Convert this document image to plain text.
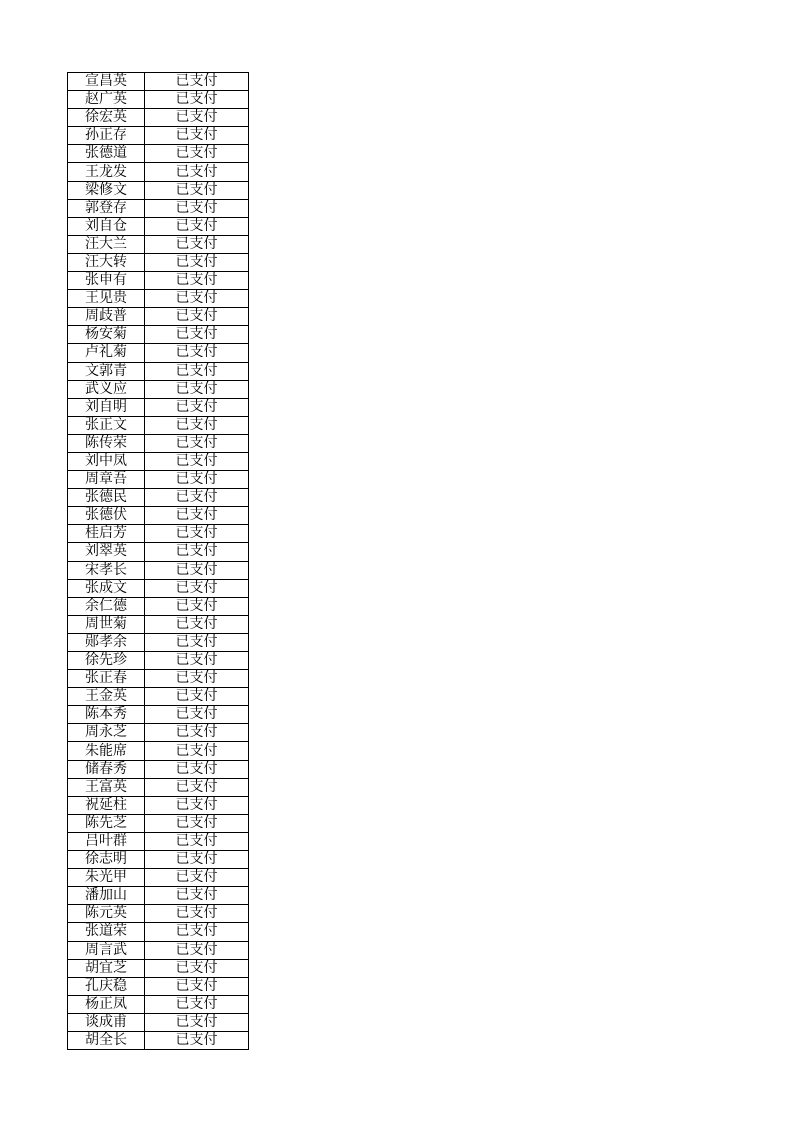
宣昌英	已支付
赵广英	已支付
徐宏英	已支付
孙正存	已支付
张德道	已支付
王龙发	已支付
梁修文	已支付
郭登存	已支付
刘自仓	已支付
汪大兰	已支付
汪大转	已支付
张申有	已支付
王见贵	已支付
周歧普	已支付
杨安菊	已支付
卢礼菊	已支付
文郭青	已支付
武义应	已支付
刘自明	已支付
张正文	已支付
陈传荣	已支付
刘中凤	已支付
周章吾	已支付
张德民	已支付
张德伏	已支付
桂启芳	已支付
刘翠英	已支付
宋孝长	已支付
张成文	已支付
余仁德	已支付
周世菊	已支付
郧孝余	已支付
徐先珍	已支付
张正春	已支付
王金英	已支付
陈本秀	已支付
周永芝	已支付
朱能席	已支付
储春秀	已支付
王富英	已支付
祝延柱	已支付
陈先芝	已支付
吕叶群	已支付
徐志明	已支付
朱光甲	已支付
潘加山	已支付
陈元英	已支付
张道荣	已支付
周言武	已支付
胡宜芝	已支付
孔庆稳	已支付
杨正凤	已支付
谈成甫	已支付
胡全长	已支付
